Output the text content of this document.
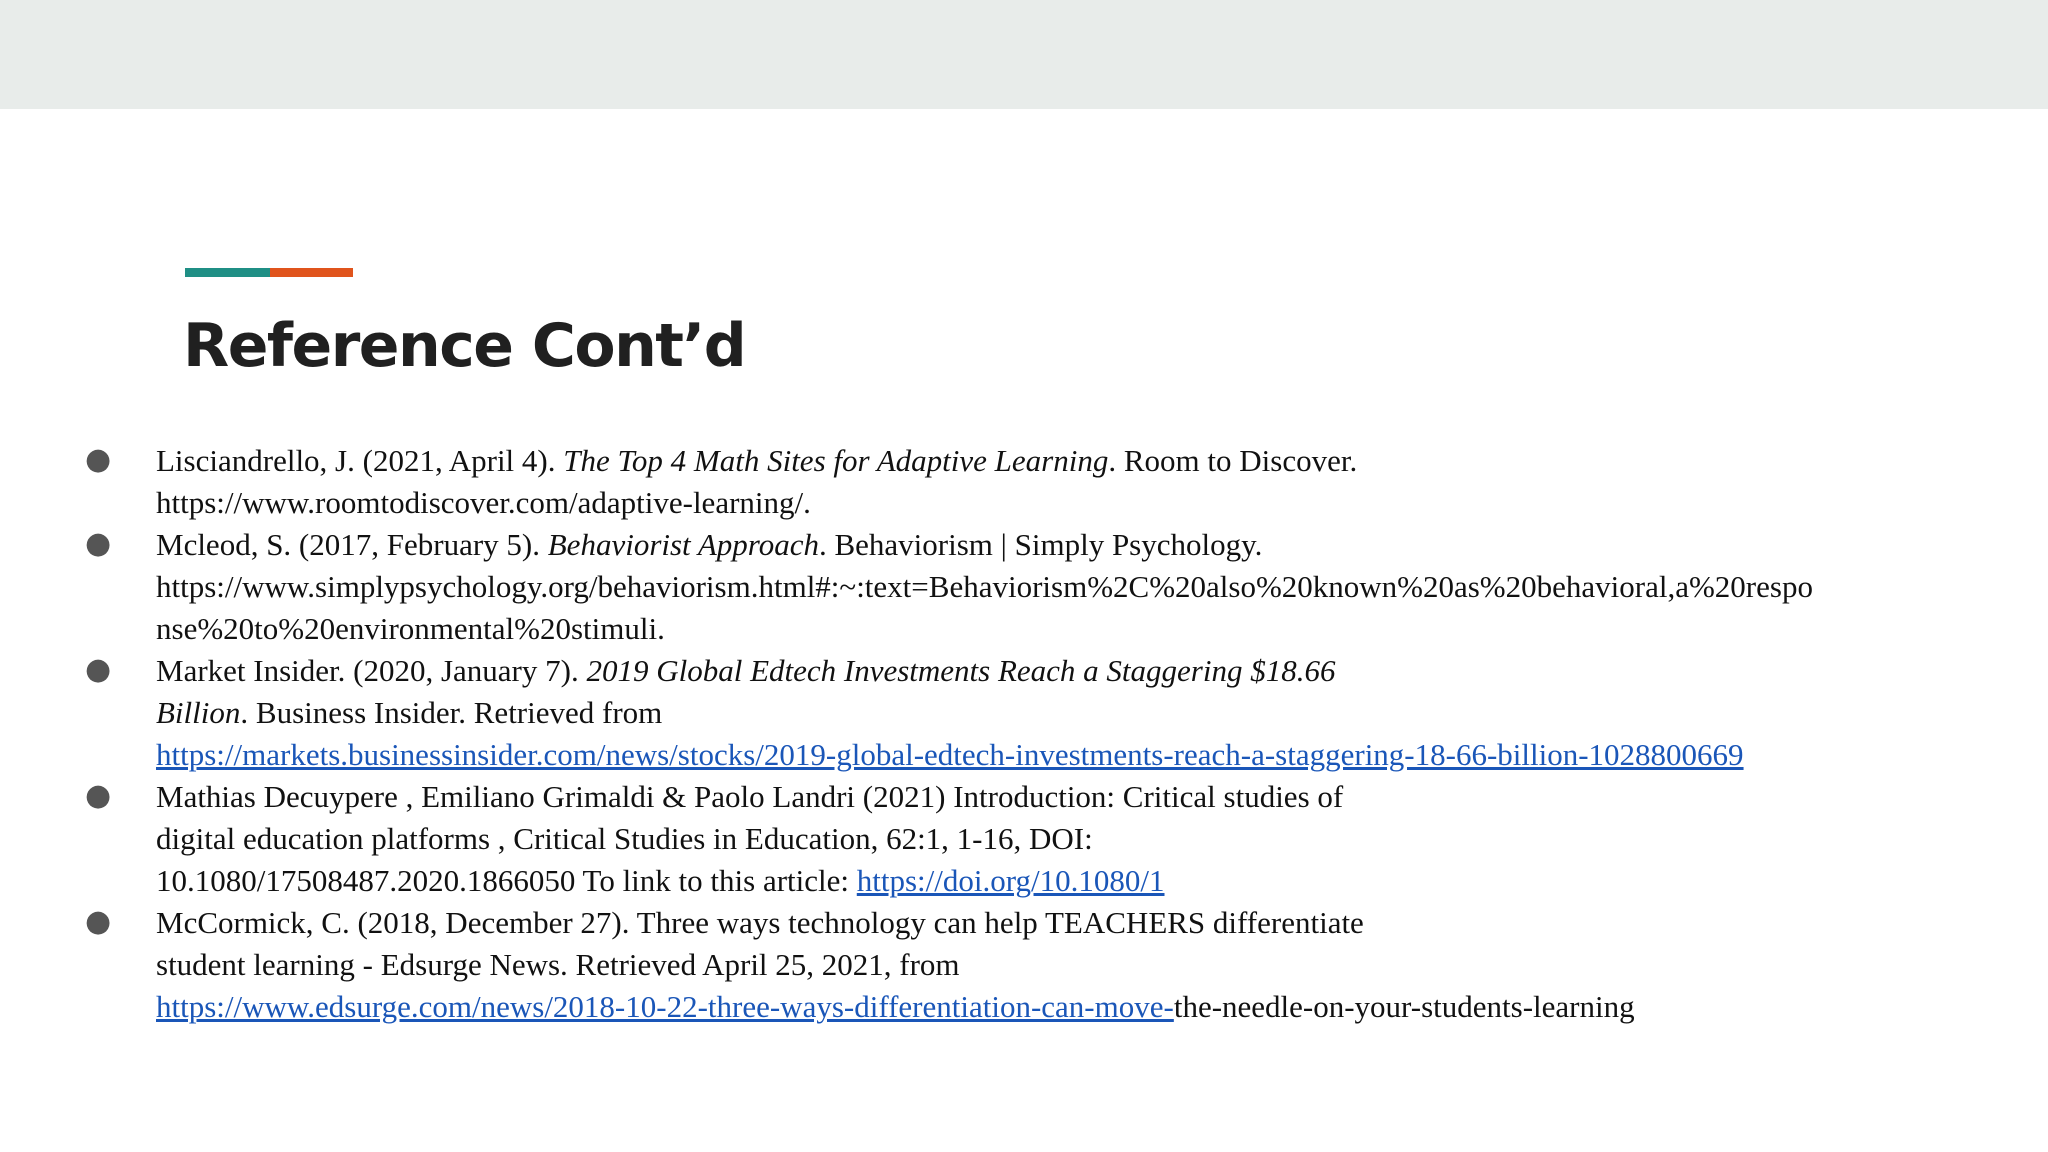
Reference Cont’d
● Lisciandrello, J. (2021, April 4). The Top 4 Math Sites for Adaptive Learning. Room to Discover.
https://www.roomtodiscover.com/adaptive-learning/.
● Mcleod, S. (2017, February 5). Behaviorist Approach. Behaviorism | Simply Psychology.
https://www.simplypsychology.org/behaviorism.html#:~:text=Behaviorism%2C%20also%20known%20as%20behavioral,a%20respo
nse%20to%20environmental%20stimuli.
● Market Insider. (2020, January 7). 2019 Global Edtech Investments Reach a Staggering $18.66
Billion. Business Insider. Retrieved from
https://markets.businessinsider.com/news/stocks/2019-global-edtech-investments-reach-a-staggering-18-66-billion-1028800669
● Mathias Decuypere , Emiliano Grimaldi & Paolo Landri (2021) Introduction: Critical studies of
digital education platforms , Critical Studies in Education, 62:1, 1-16, DOI:
10.1080/17508487.2020.1866050 To link to this article: https://doi.org/10.1080/1
● McCormick, C. (2018, December 27). Three ways technology can help TEACHERS differentiate
student learning - Edsurge News. Retrieved April 25, 2021, from
https://www.edsurge.com/news/2018-10-22-three-ways-differentiation-can-move-the-needle-on-your-students-learning
